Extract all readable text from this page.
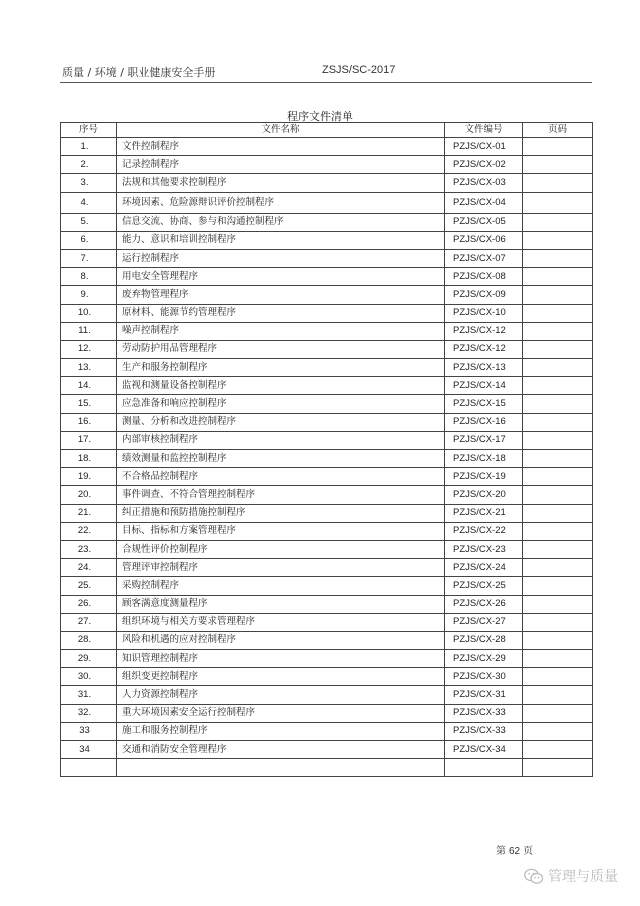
质量 / 环境 / 职业健康安全手册	ZSJS/SC-2017
程序文件清单
序号	文件名称	文件编号	页码
1.	文件控制程序	PZJS/CX-01	
2.	记录控制程序	PZJS/CX-02	
3.	法规和其他要求控制程序	PZJS/CX-03	
4.	环境因素、危险源辩识评价控制程序	PZJS/CX-04	
5.	信息交流、协商、参与和沟通控制程序	PZJS/CX-05	
6.	能力、意识和培训控制程序	PZJS/CX-06	
7.	运行控制程序	PZJS/CX-07	
8.	用电安全管理程序	PZJS/CX-08	
9.	废弃物管理程序	PZJS/CX-09	
10.	原材料、能源节约管理程序	PZJS/CX-10	
11.	噪声控制程序	PZJS/CX-12	
12.	劳动防护用品管理程序	PZJS/CX-12	
13.	生产和服务控制程序	PZJS/CX-13	
14.	监视和测量设备控制程序	PZJS/CX-14	
15.	应急准备和响应控制程序	PZJS/CX-15	
16.	测量、分析和改进控制程序	PZJS/CX-16	
17.	内部审核控制程序	PZJS/CX-17	
18.	绩效测量和监控控制程序	PZJS/CX-18	
19.	不合格品控制程序	PZJS/CX-19	
20.	事件调查、不符合管理控制程序	PZJS/CX-20	
21.	纠正措施和预防措施控制程序	PZJS/CX-21	
22.	目标、指标和方案管理程序	PZJS/CX-22	
23.	合规性评价控制程序	PZJS/CX-23	
24.	管理评审控制程序	PZJS/CX-24	
25.	采购控制程序	PZJS/CX-25	
26.	顾客满意度测量程序	PZJS/CX-26	
27.	组织环境与相关方要求管理程序	PZJS/CX-27	
28.	风险和机遇的应对控制程序	PZJS/CX-28	
29.	知识管理控制程序	PZJS/CX-29	
30.	组织变更控制程序	PZJS/CX-30	
31.	人力资源控制程序	PZJS/CX-31	
32.	重大环境因素安全运行控制程序	PZJS/CX-33	
33	施工和服务控制程序	PZJS/CX-33	
34	交通和消防安全管理程序	PZJS/CX-34	

第 62 页
管理与质量
